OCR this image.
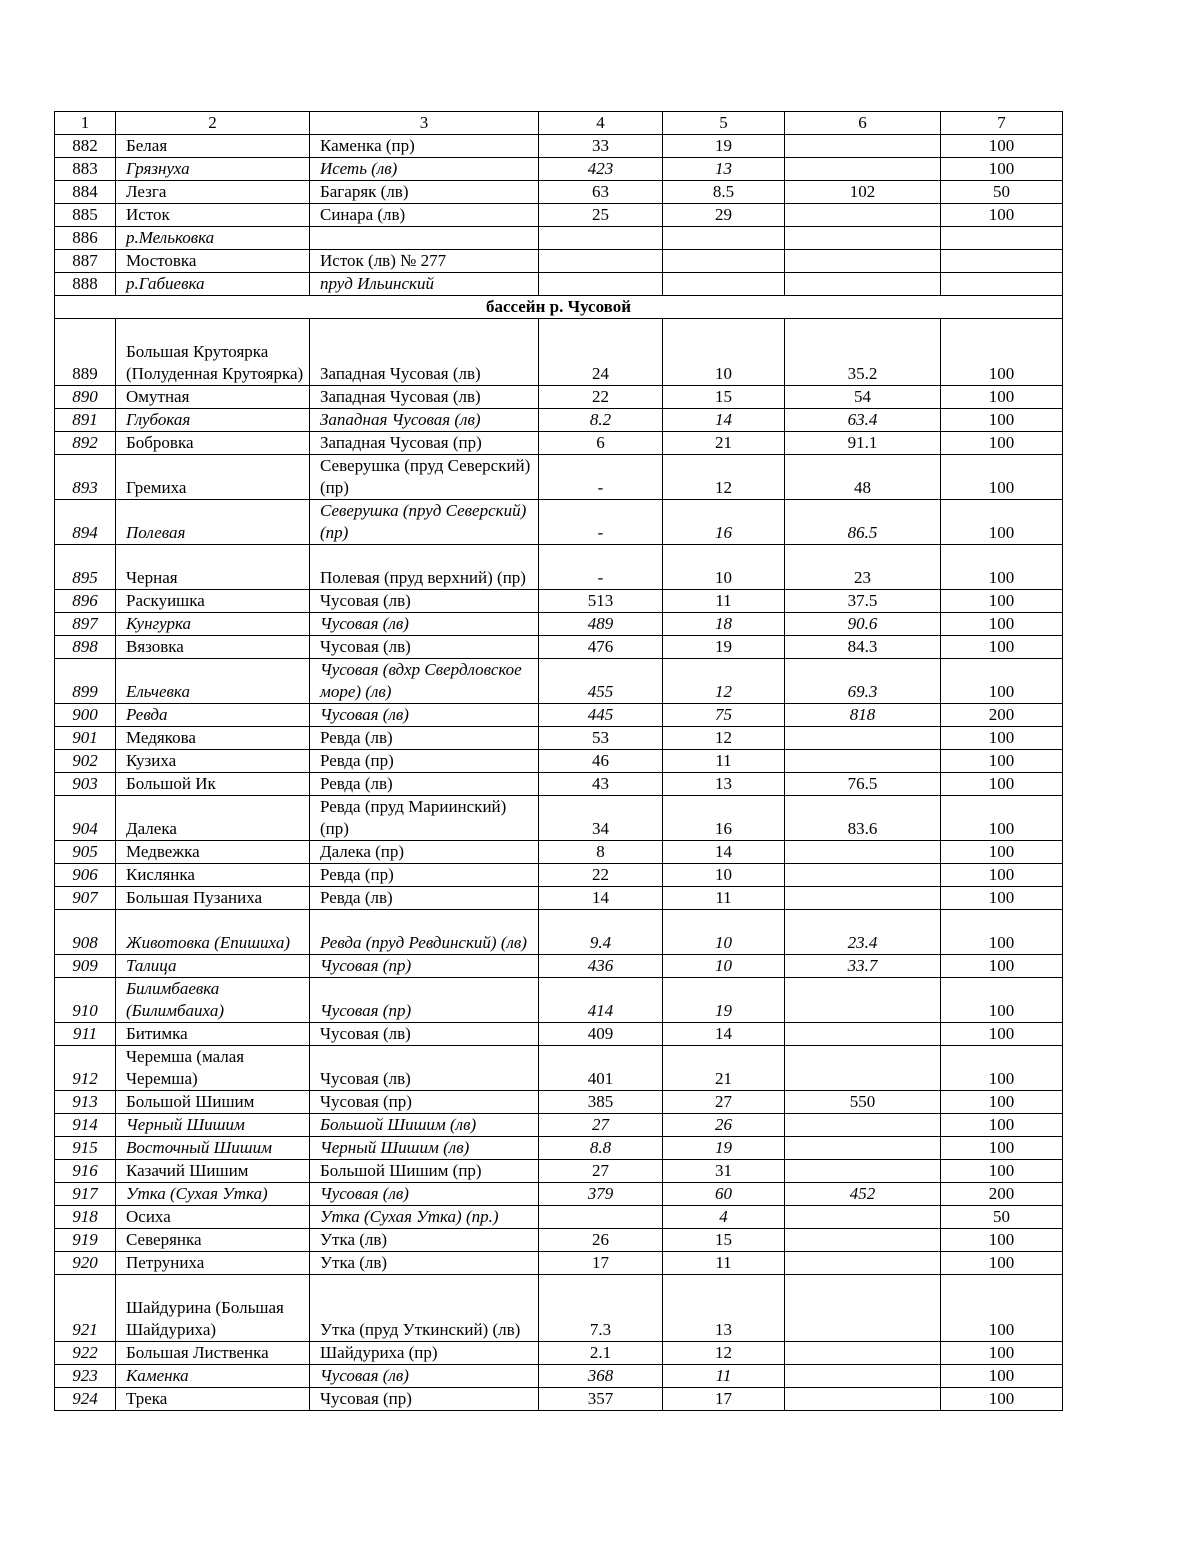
1	2	3	4	5	6	7
882	Белая	Каменка (пр)	33	19		100
883	Грязнуха	Исеть (лв)	423	13		100
884	Лезга	Багаряк (лв)	63	8.5	102	50
885	Исток	Синара (лв)	25	29		100
886	р.Мельковка					
887	Мостовка	Исток (лв) № 277				
888	р.Габиевка	пруд Ильинский				
бассейн р. Чусовой						
889	Большая Крутоярка (Полуденная Крутоярка)	Западная Чусовая (лв)	24	10	35.2	100
890	Омутная	Западная Чусовая (лв)	22	15	54	100
891	Глубокая	Западная Чусовая (лв)	8.2	14	63.4	100
892	Бобровка	Западная Чусовая (пр)	6	21	91.1	100
893	Гремиха	Северушка (пруд Северский) (пр)	-	12	48	100
894	Полевая	Северушка (пруд Северский) (пр)	-	16	86.5	100
895	Черная	Полевая (пруд верхний) (пр)	-	10	23	100
896	Раскуишка	Чусовая (лв)	513	11	37.5	100
897	Кунгурка	Чусовая (лв)	489	18	90.6	100
898	Вязовка	Чусовая (лв)	476	19	84.3	100
899	Ельчевка	Чусовая (вдхр Свердловское море) (лв)	455	12	69.3	100
900	Ревда	Чусовая (лв)	445	75	818	200
901	Медякова	Ревда (лв)	53	12		100
902	Кузиха	Ревда (пр)	46	11		100
903	Большой Ик	Ревда (лв)	43	13	76.5	100
904	Далека	Ревда (пруд Мариинский) (пр)	34	16	83.6	100
905	Медвежка	Далека (пр)	8	14		100
906	Кислянка	Ревда (пр)	22	10		100
907	Большая Пузаниха	Ревда (лв)	14	11		100
908	Животовка (Епишиха)	Ревда (пруд Ревдинский) (лв)	9.4	10	23.4	100
909	Талица	Чусовая (пр)	436	10	33.7	100
910	Билимбаевка (Билимбаиха)	Чусовая (пр)	414	19		100
911	Битимка	Чусовая (лв)	409	14		100
912	Черемша (малая Черемша)	Чусовая (лв)	401	21		100
913	Большой Шишим	Чусовая (пр)	385	27	550	100
914	Черный Шишим	Большой Шишим (лв)	27	26		100
915	Восточный Шишим	Черный Шишим (лв)	8.8	19		100
916	Казачий Шишим	Большой Шишим (пр)	27	31		100
917	Утка (Сухая Утка)	Чусовая (лв)	379	60	452	200
918	Осиха	Утка (Сухая Утка) (пр.)		4		50
919	Северянка	Утка (лв)	26	15		100
920	Петруниха	Утка (лв)	17	11		100
921	Шайдурина (Большая Шайдуриха)	Утка (пруд Уткинский) (лв)	7.3	13		100
922	Большая Лиственка	Шайдуриха (пр)	2.1	12		100
923	Каменка	Чусовая (лв)	368	11		100
924	Трека	Чусовая (пр)	357	17		100
